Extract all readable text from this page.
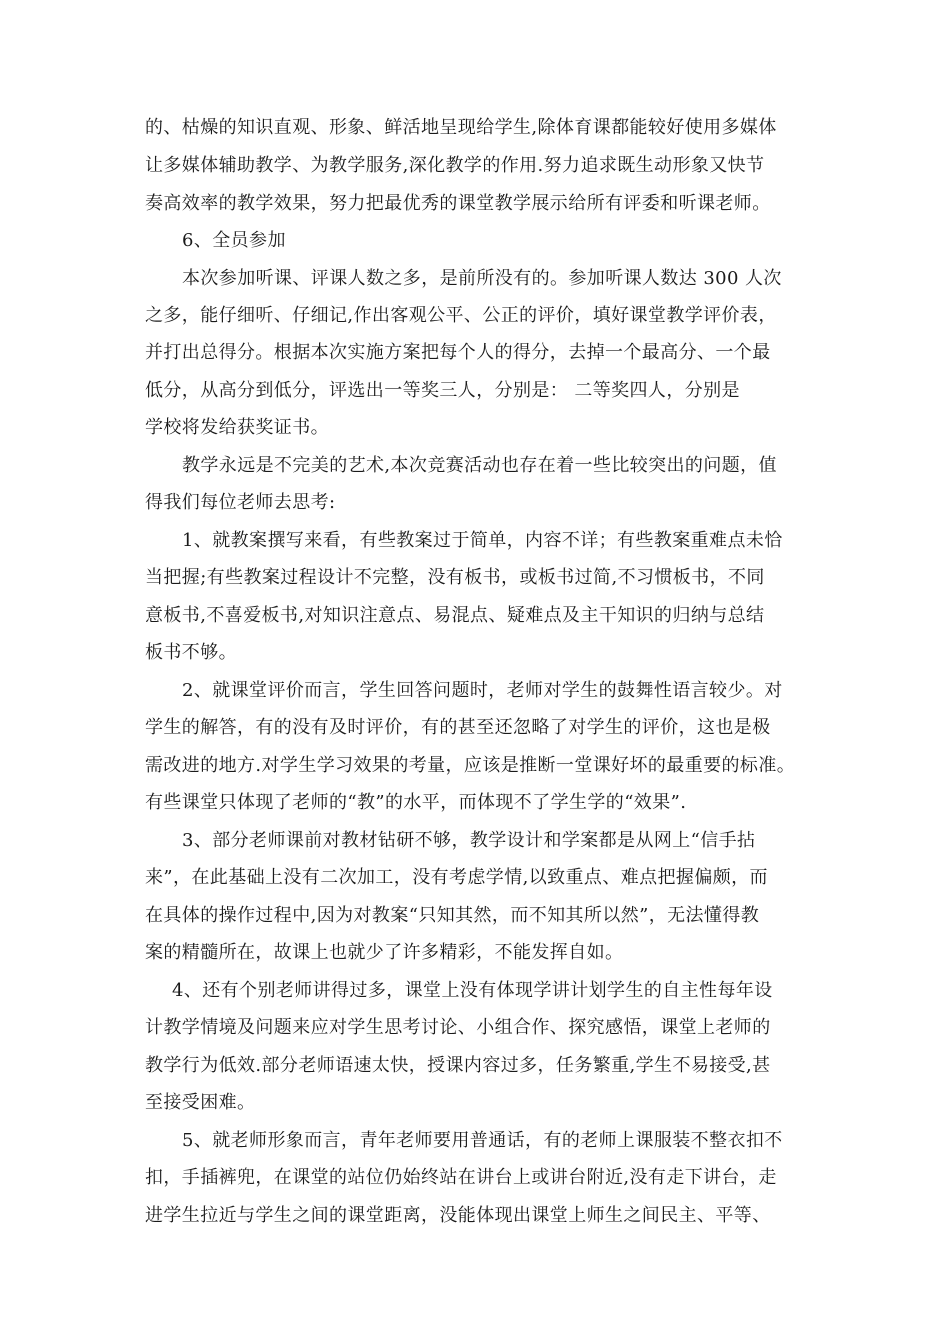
的、枯燥的知识直观、形象、鲜活地呈现给学生,除体育课都能较好使用多媒体
让多媒体辅助教学、为教学服务,深化教学的作用.努力追求既生动形象又快节
奏高效率的教学效果，努力把最优秀的课堂教学展示给所有评委和听课老师。
6、全员参加
本次参加听课、评课人数之多，是前所没有的。参加听课人数达 300 人次
之多，能仔细听、仔细记,作出客观公平、公正的评价，填好课堂教学评价表，
并打出总得分。根据本次实施方案把每个人的得分，去掉一个最高分、一个最
低分，从高分到低分，评选出一等奖三人，分别是： 二等奖四人，分别是
学校将发给获奖证书。
教学永远是不完美的艺术,本次竞赛活动也存在着一些比较突出的问题，值
得我们每位老师去思考:
1、就教案撰写来看，有些教案过于简单，内容不详；有些教案重难点未恰
当把握;有些教案过程设计不完整，没有板书，或板书过简,不习惯板书，不同
意板书,不喜爱板书,对知识注意点、易混点、疑难点及主干知识的归纳与总结
板书不够。
2、就课堂评价而言，学生回答问题时，老师对学生的鼓舞性语言较少。对
学生的解答，有的没有及时评价，有的甚至还忽略了对学生的评价，这也是极
需改进的地方.对学生学习效果的考量，应该是推断一堂课好坏的最重要的标准。
有些课堂只体现了老师的“教”的水平，而体现不了学生学的“效果”.
3、部分老师课前对教材钻研不够，教学设计和学案都是从网上“信手拈
来”，在此基础上没有二次加工，没有考虑学情,以致重点、难点把握偏颇，而
在具体的操作过程中,因为对教案“只知其然，而不知其所以然”，无法懂得教
案的精髓所在，故课上也就少了许多精彩，不能发挥自如。
4、还有个别老师讲得过多，课堂上没有体现学讲计划学生的自主性每年设
计教学情境及问题来应对学生思考讨论、小组合作、探究感悟，课堂上老师的
教学行为低效.部分老师语速太快，授课内容过多，任务繁重,学生不易接受,甚
至接受困难。
5、就老师形象而言，青年老师要用普通话，有的老师上课服装不整衣扣不
扣，手插裤兜，在课堂的站位仍始终站在讲台上或讲台附近,没有走下讲台，走
进学生拉近与学生之间的课堂距离，没能体现出课堂上师生之间民主、平等、
